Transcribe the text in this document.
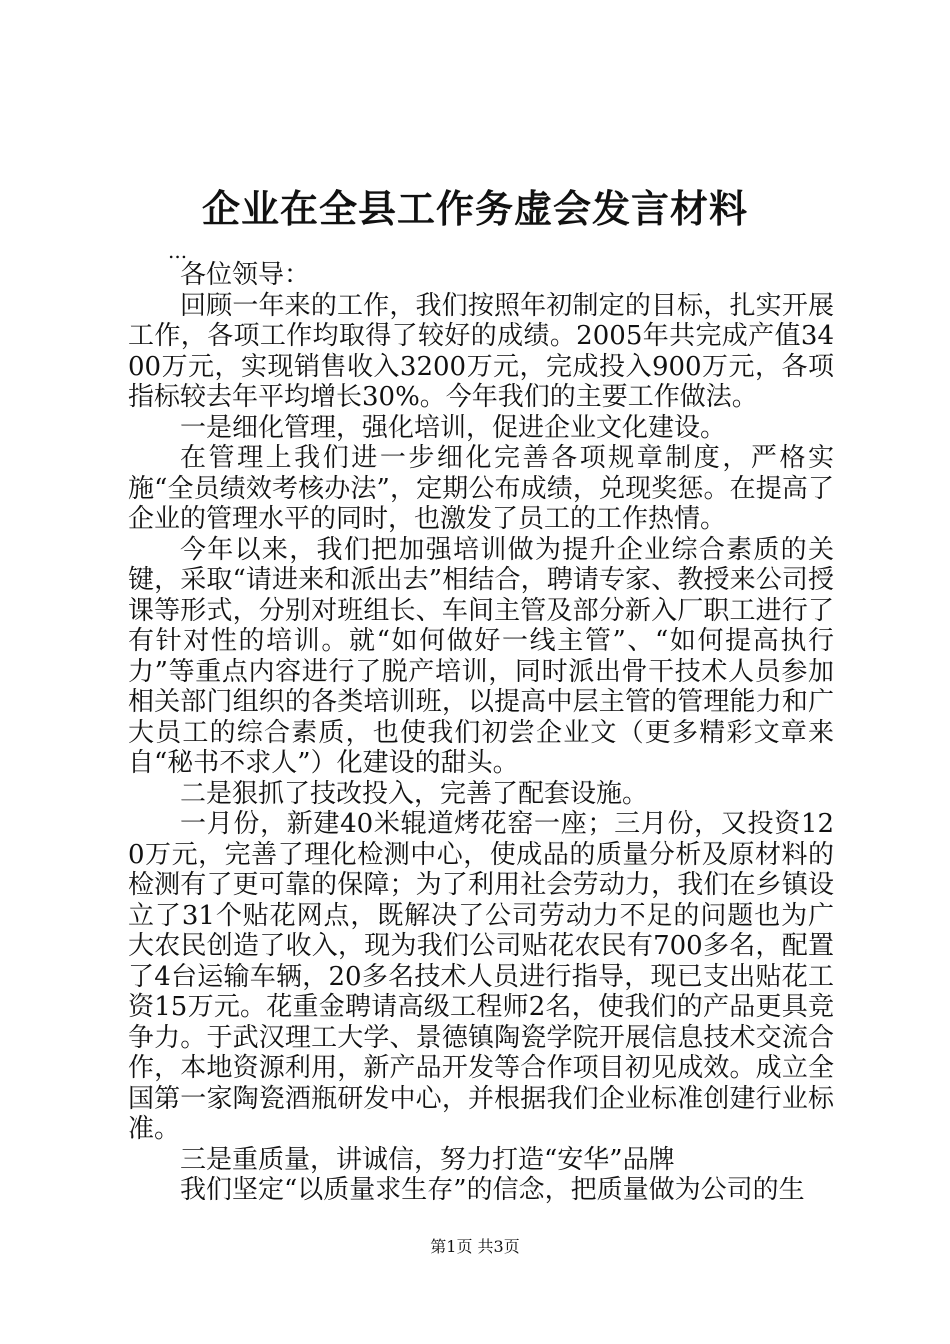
企业在全县工作务虚会发言材料

...

各位领导：

回顾一年来的工作，我们按照年初制定的目标，扎实开展工作，各项工作均取得了较好的成绩。2005年共完成产值3400万元，实现销售收入3200万元，完成投入900万元，各项指标较去年平均增长30%。今年我们的主要工作做法。

一是细化管理，强化培训，促进企业文化建设。

在管理上我们进一步细化完善各项规章制度，严格实施“全员绩效考核办法”，定期公布成绩，兑现奖惩。在提高了企业的管理水平的同时，也激发了员工的工作热情。

今年以来，我们把加强培训做为提升企业综合素质的关键，采取“请进来和派出去”相结合，聘请专家、教授来公司授课等形式，分别对班组长、车间主管及部分新入厂职工进行了有针对性的培训。就“如何做好一线主管”、“如何提高执行力”等重点内容进行了脱产培训，同时派出骨干技术人员参加相关部门组织的各类培训班，以提高中层主管的管理能力和广大员工的综合素质，也使我们初尝企业文（更多精彩文章来自“秘书不求人”）化建设的甜头。

二是狠抓了技改投入，完善了配套设施。

一月份，新建40米辊道烤花窑一座；三月份，又投资120万元，完善了理化检测中心，使成品的质量分析及原材料的检测有了更可靠的保障；为了利用社会劳动力，我们在乡镇设立了31个贴花网点，既解决了公司劳动力不足的问题也为广大农民创造了收入，现为我们公司贴花农民有700多名，配置了4台运输车辆，20多名技术人员进行指导，现已支出贴花工资15万元。花重金聘请高级工程师2名，使我们的产品更具竞争力。于武汉理工大学、景德镇陶瓷学院开展信息技术交流合作，本地资源利用，新产品开发等合作项目初见成效。成立全国第一家陶瓷酒瓶研发中心，并根据我们企业标准创建行业标准。

三是重质量，讲诚信，努力打造“安华”品牌

我们坚定“以质量求生存”的信念，把质量做为公司的生

第1页 共3页
